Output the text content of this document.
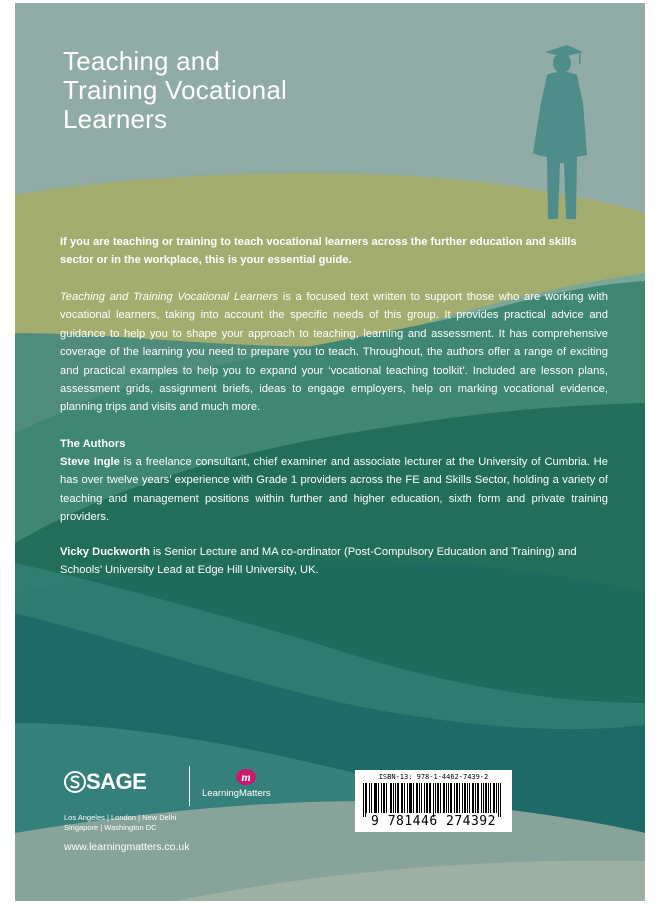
Teaching and
Training Vocational
Learners
If you are teaching or training to teach vocational learners across the further education and skills sector or in the workplace, this is your essential guide.
Teaching and Training Vocational Learners is a focused text written to support those who are working with vocational learners, taking into account the specific needs of this group. It provides practical advice and guidance to help you to shape your approach to teaching, learning and assessment. It has comprehensive coverage of the learning you need to prepare you to teach. Throughout, the authors offer a range of exciting and practical examples to help you to expand your ‘vocational teaching toolkit’. Included are lesson plans, assessment grids, assignment briefs, ideas to engage employers, help on marking vocational evidence, planning trips and visits and much more.
The Authors
Steve Ingle is a freelance consultant, chief examiner and associate lecturer at the University of Cumbria. He has over twelve years’ experience with Grade 1 providers across the FE and Skills Sector, holding a variety of teaching and management positions within further and higher education, sixth form and private training providers.
Vicky Duckworth is Senior Lecture and MA co-ordinator (Post-Compulsory Education and Training) and Schools’ University Lead at Edge Hill University, UK.
SAGE	m
LearningMatters
Los Angeles | London | New Delhi
Singapore | Washington DC
www.learningmatters.co.uk
ISBN-13: 978-1-4462-7439-2
9 781446 274392
